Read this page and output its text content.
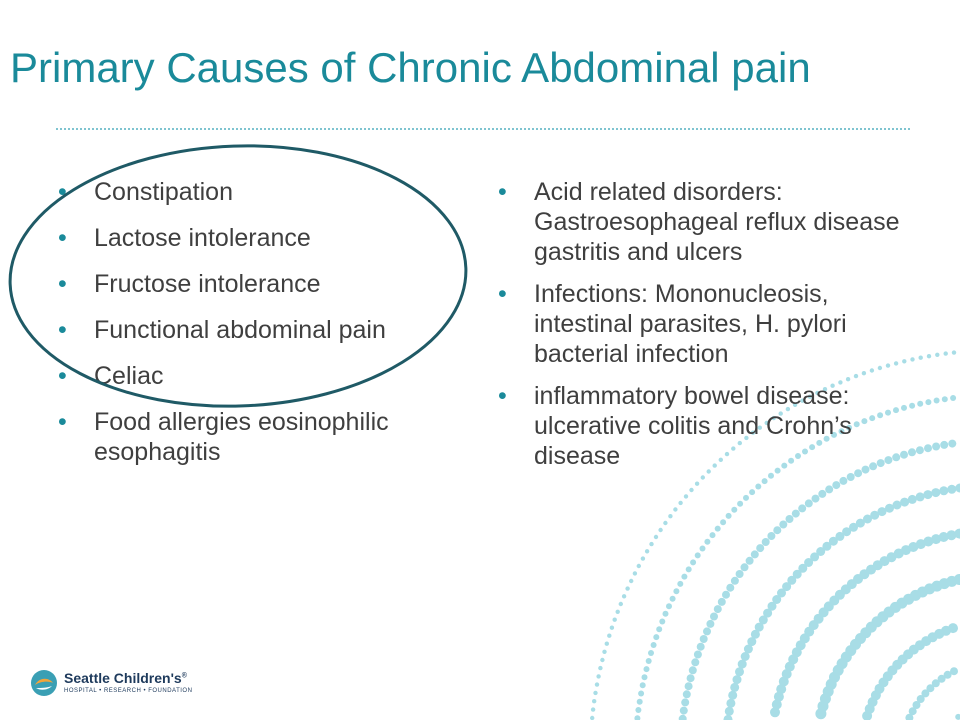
Primary Causes of Chronic Abdominal pain
• Constipation
• Lactose intolerance
• Fructose intolerance
• Functional abdominal pain
• Celiac
• Food allergies eosinophilic esophagitis
• Acid related disorders: Gastroesophageal reflux disease gastritis and ulcers
• Infections: Mononucleosis, intestinal parasites, H. pylori bacterial infection
• inflammatory bowel disease: ulcerative colitis and Crohn’s disease
Seattle Children's®
HOSPITAL • RESEARCH • FOUNDATION
